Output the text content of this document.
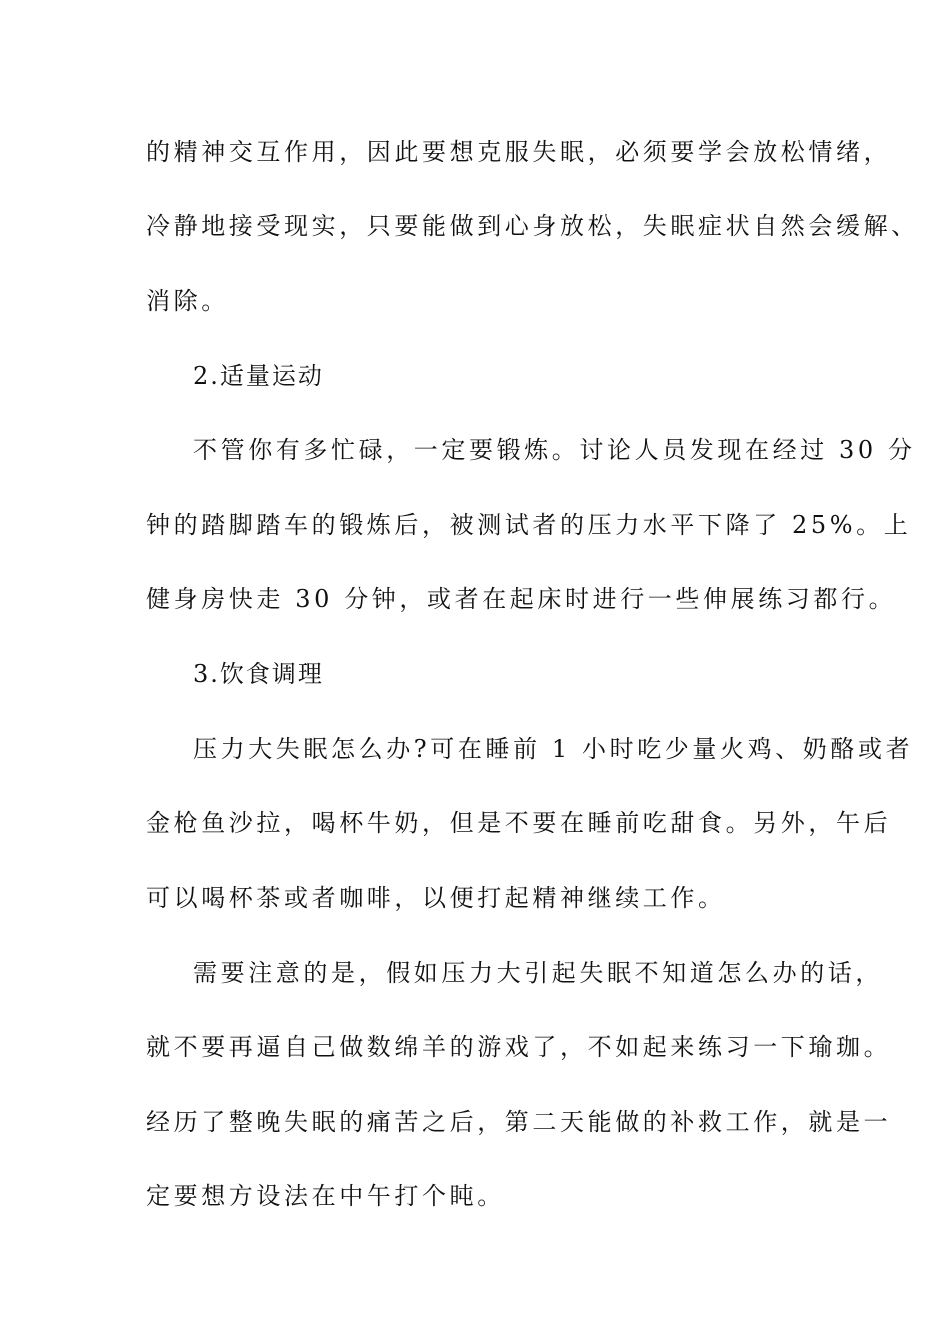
的精神交互作用，因此要想克服失眠，必须要学会放松情绪，
冷静地接受现实，只要能做到心身放松，失眠症状自然会缓解、
消除。
2.适量运动
不管你有多忙碌，一定要锻炼。讨论人员发现在经过 30 分
钟的踏脚踏车的锻炼后，被测试者的压力水平下降了 25%。上
健身房快走 30 分钟，或者在起床时进行一些伸展练习都行。
3.饮食调理
压力大失眠怎么办?可在睡前 1 小时吃少量火鸡、奶酪或者
金枪鱼沙拉，喝杯牛奶，但是不要在睡前吃甜食。另外，午后
可以喝杯茶或者咖啡，以便打起精神继续工作。
需要注意的是，假如压力大引起失眠不知道怎么办的话，
就不要再逼自己做数绵羊的游戏了，不如起来练习一下瑜珈。
经历了整晚失眠的痛苦之后，第二天能做的补救工作，就是一
定要想方设法在中午打个盹。
